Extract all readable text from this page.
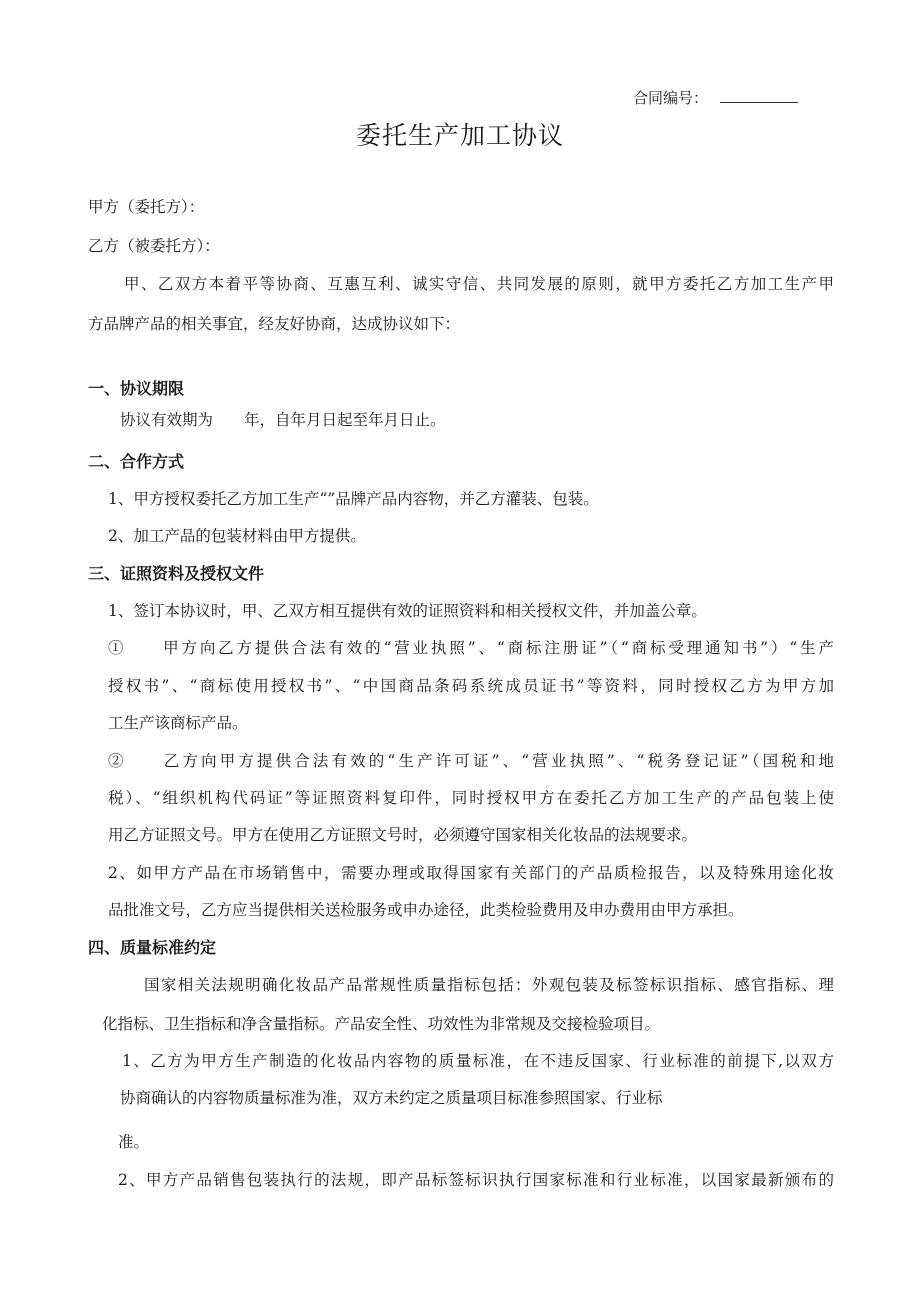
合同编号：
委托生产加工协议
甲方（委托方）：
乙方（被委托方）：
甲、乙双方本着平等协商、互惠互利、诚实守信、共同发展的原则，就甲方委托乙方加工生产甲
方品牌产品的相关事宜，经友好协商，达成协议如下：
一、协议期限
协议有效期为　　年，自年月日起至年月日止。
二、合作方式
1、甲方授权委托乙方加工生产“”品牌产品内容物，并乙方灌装、包装。
2、加工产品的包装材料由甲方提供。
三、证照资料及授权文件
1、签订本协议时，甲、乙双方相互提供有效的证照资料和相关授权文件，并加盖公章。
①　　甲方向乙方提供合法有效的“营业执照”、“商标注册证”（“商标受理通知书”）“生产
授权书”、“商标使用授权书”、“中国商品条码系统成员证书”等资料，同时授权乙方为甲方加
工生产该商标产品。
②　　乙方向甲方提供合法有效的“生产许可证”、“营业执照”、“税务登记证”（国税和地
税）、“组织机构代码证”等证照资料复印件，同时授权甲方在委托乙方加工生产的产品包装上使
用乙方证照文号。甲方在使用乙方证照文号时，必须遵守国家相关化妆品的法规要求。
2、如甲方产品在市场销售中，需要办理或取得国家有关部门的产品质检报告，以及特殊用途化妆
品批准文号，乙方应当提供相关送检服务或申办途径，此类检验费用及申办费用由甲方承担。
四、质量标准约定
国家相关法规明确化妆品产品常规性质量指标包括：外观包装及标签标识指标、感官指标、理
化指标、卫生指标和净含量指标。产品安全性、功效性为非常规及交接检验项目。
1、乙方为甲方生产制造的化妆品内容物的质量标准，在不违反国家、行业标准的前提下,以双方
协商确认的内容物质量标准为准，双方未约定之质量项目标准参照国家、行业标
准。
2、甲方产品销售包装执行的法规，即产品标签标识执行国家标准和行业标准，以国家最新颁布的
